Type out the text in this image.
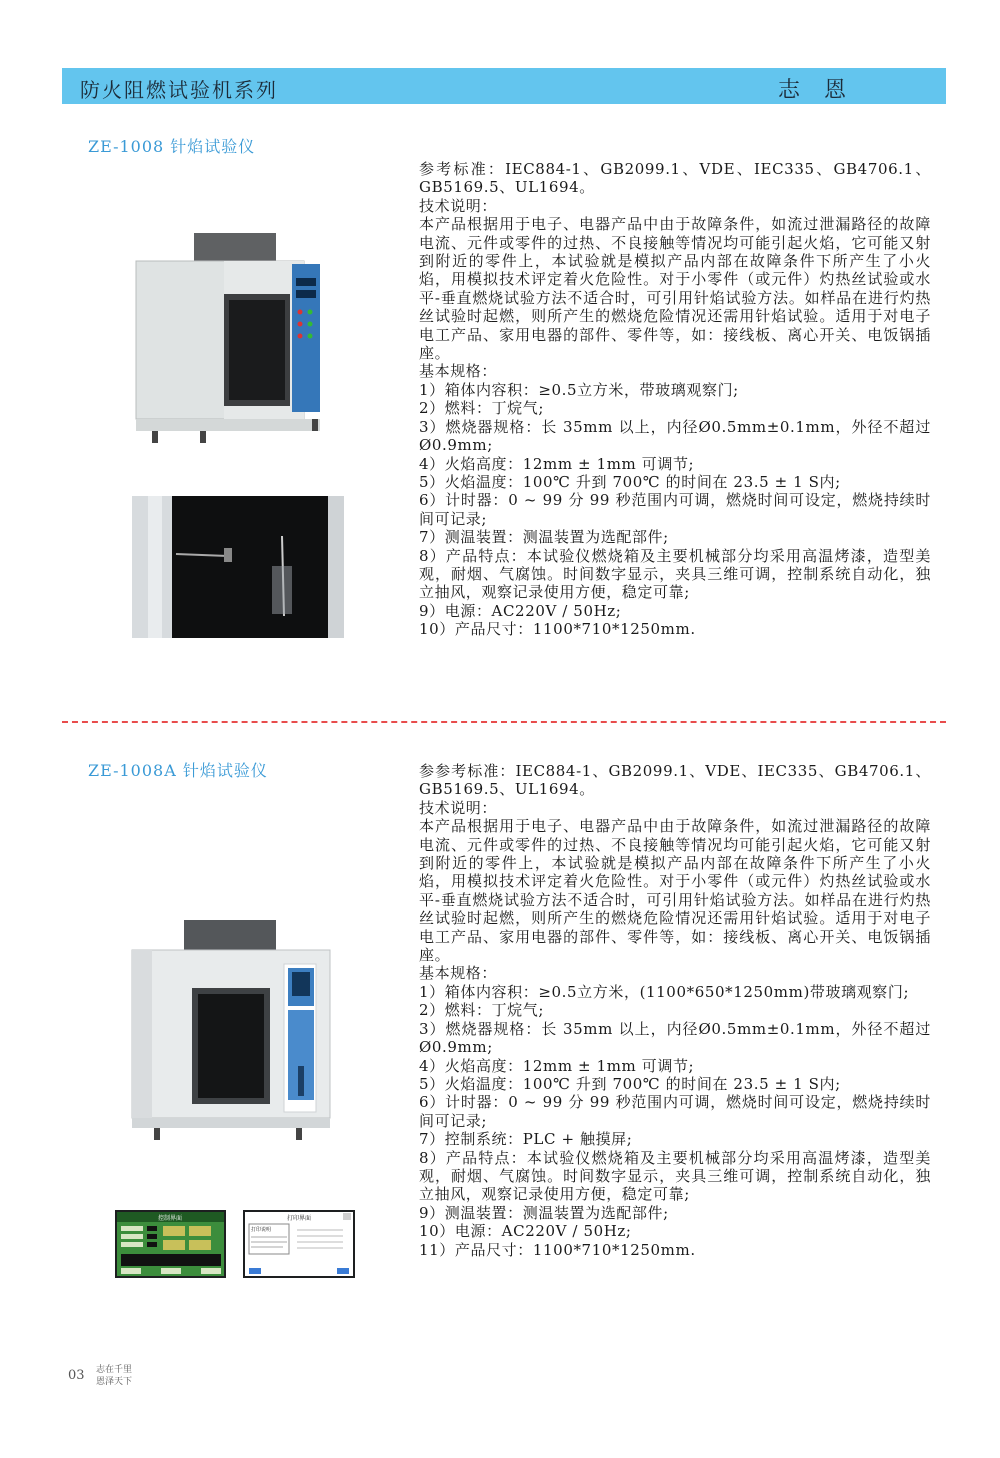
防火阻燃试验机系列	志恩
ZE-1008 针焰试验仪

参考标准：IEC884-1、GB2099.1、VDE、IEC335、GB4706.1、GB5169.5、UL1694。

技术说明：

本产品根据用于电子、电器产品中由于故障条件，如流过泄漏路径的故障电流、元件或零件的过热、不良接触等情况均可能引起火焰，它可能又射到附近的零件上，本试验就是模拟产品内部在故障条件下所产生了小火焰，用模拟技术评定着火危险性。对于小零件（或元件）灼热丝试验或水平-垂直燃烧试验方法不适合时，可引用针焰试验方法。如样品在进行灼热丝试验时起燃，则所产生的燃烧危险情况还需用针焰试验。适用于对电子电工产品、家用电器的部件、零件等，如：接线板、离心开关、电饭锅插座。

基本规格：

1）箱体内容积：≥0.5立方米，带玻璃观察门;

2）燃料：丁烷气;

3）燃烧器规格：长 35mm 以上，内径Ø0.5mm±0.1mm，外径不超过Ø0.9mm;

4）火焰高度：12mm ± 1mm 可调节;

5）火焰温度：100℃ 升到 700℃ 的时间在 23.5 ± 1 S内;

6）计时器：0 ~ 99 分 99 秒范围内可调，燃烧时间可设定，燃烧持续时间可记录;

7）测温装置：测温装置为选配部件;

8）产品特点：本试验仪燃烧箱及主要机械部分均采用高温烤漆，造型美观，耐烟、气腐蚀。时间数字显示，夹具三维可调，控制系统自动化，独立抽风，观察记录使用方便，稳定可靠;

9）电源：AC220V / 50Hz;

10）产品尺寸：1100*710*1250mm.

ZE-1008A 针焰试验仪
控制界面	打印界面
打印说明

参参考标准：IEC884-1、GB2099.1、VDE、IEC335、GB4706.1、GB5169.5、UL1694。

技术说明：

本产品根据用于电子、电器产品中由于故障条件，如流过泄漏路径的故障电流、元件或零件的过热、不良接触等情况均可能引起火焰，它可能又射到附近的零件上，本试验就是模拟产品内部在故障条件下所产生了小火焰，用模拟技术评定着火危险性。对于小零件（或元件）灼热丝试验或水平-垂直燃烧试验方法不适合时，可引用针焰试验方法。如样品在进行灼热丝试验时起燃，则所产生的燃烧危险情况还需用针焰试验。适用于对电子电工产品、家用电器的部件、零件等，如：接线板、离心开关、电饭锅插座。

基本规格：

1）箱体内容积：≥0.5立方米，(1100*650*1250mm)带玻璃观察门;

2）燃料：丁烷气;

3）燃烧器规格：长 35mm 以上，内径Ø0.5mm±0.1mm，外径不超过Ø0.9mm;

4）火焰高度：12mm ± 1mm 可调节;

5）火焰温度：100℃ 升到 700℃ 的时间在 23.5 ± 1 S内;

6）计时器：0 ~ 99 分 99 秒范围内可调，燃烧时间可设定，燃烧持续时间可记录;

7）控制系统：PLC + 触摸屏;

8）产品特点：本试验仪燃烧箱及主要机械部分均采用高温烤漆，造型美观，耐烟、气腐蚀。时间数字显示，夹具三维可调，控制系统自动化，独立抽风，观察记录使用方便，稳定可靠;

9）测温装置：测温装置为选配部件;

10）电源：AC220V / 50Hz;

11）产品尺寸：1100*710*1250mm.

03 志在千里
恩泽天下
